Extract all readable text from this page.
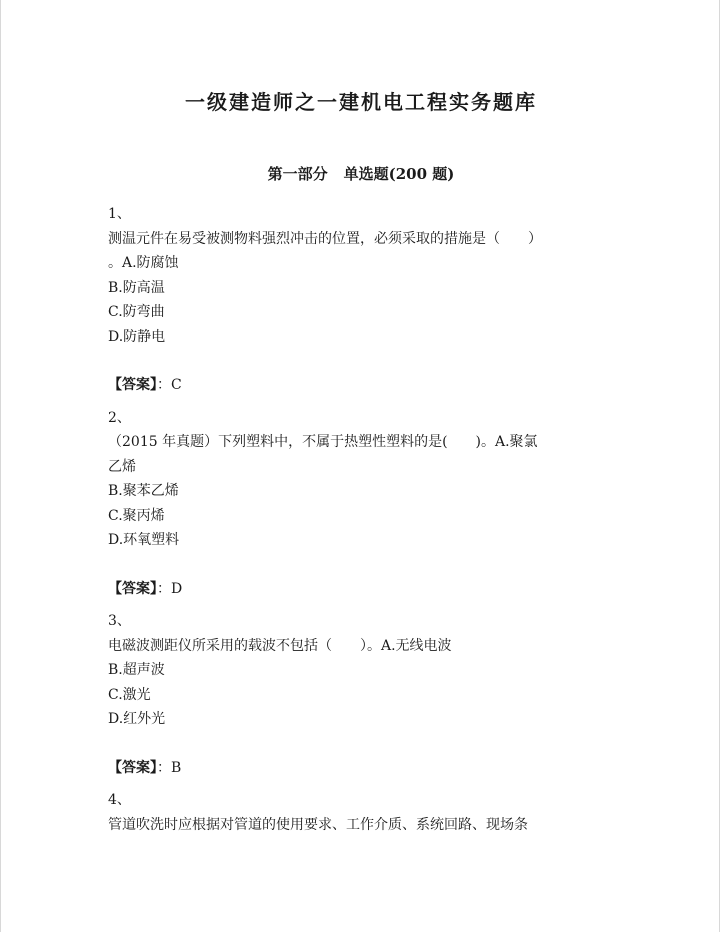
一级建造师之一建机电工程实务题库
第一部分 单选题(200 题)
1、
测温元件在易受被测物料强烈冲击的位置，必须采取的措施是（　　）
。A.防腐蚀
B.防高温
C.防弯曲
D.防静电
【答案】：C
2、
（2015 年真题）下列塑料中，不属于热塑性塑料的是(　　)。A.聚氯
乙烯
B.聚苯乙烯
C.聚丙烯
D.环氧塑料
【答案】：D
3、
电磁波测距仪所采用的载波不包括（　　）。A.无线电波
B.超声波
C.激光
D.红外光
【答案】：B
4、
管道吹洗时应根据对管道的使用要求、工作介质、系统回路、现场条
